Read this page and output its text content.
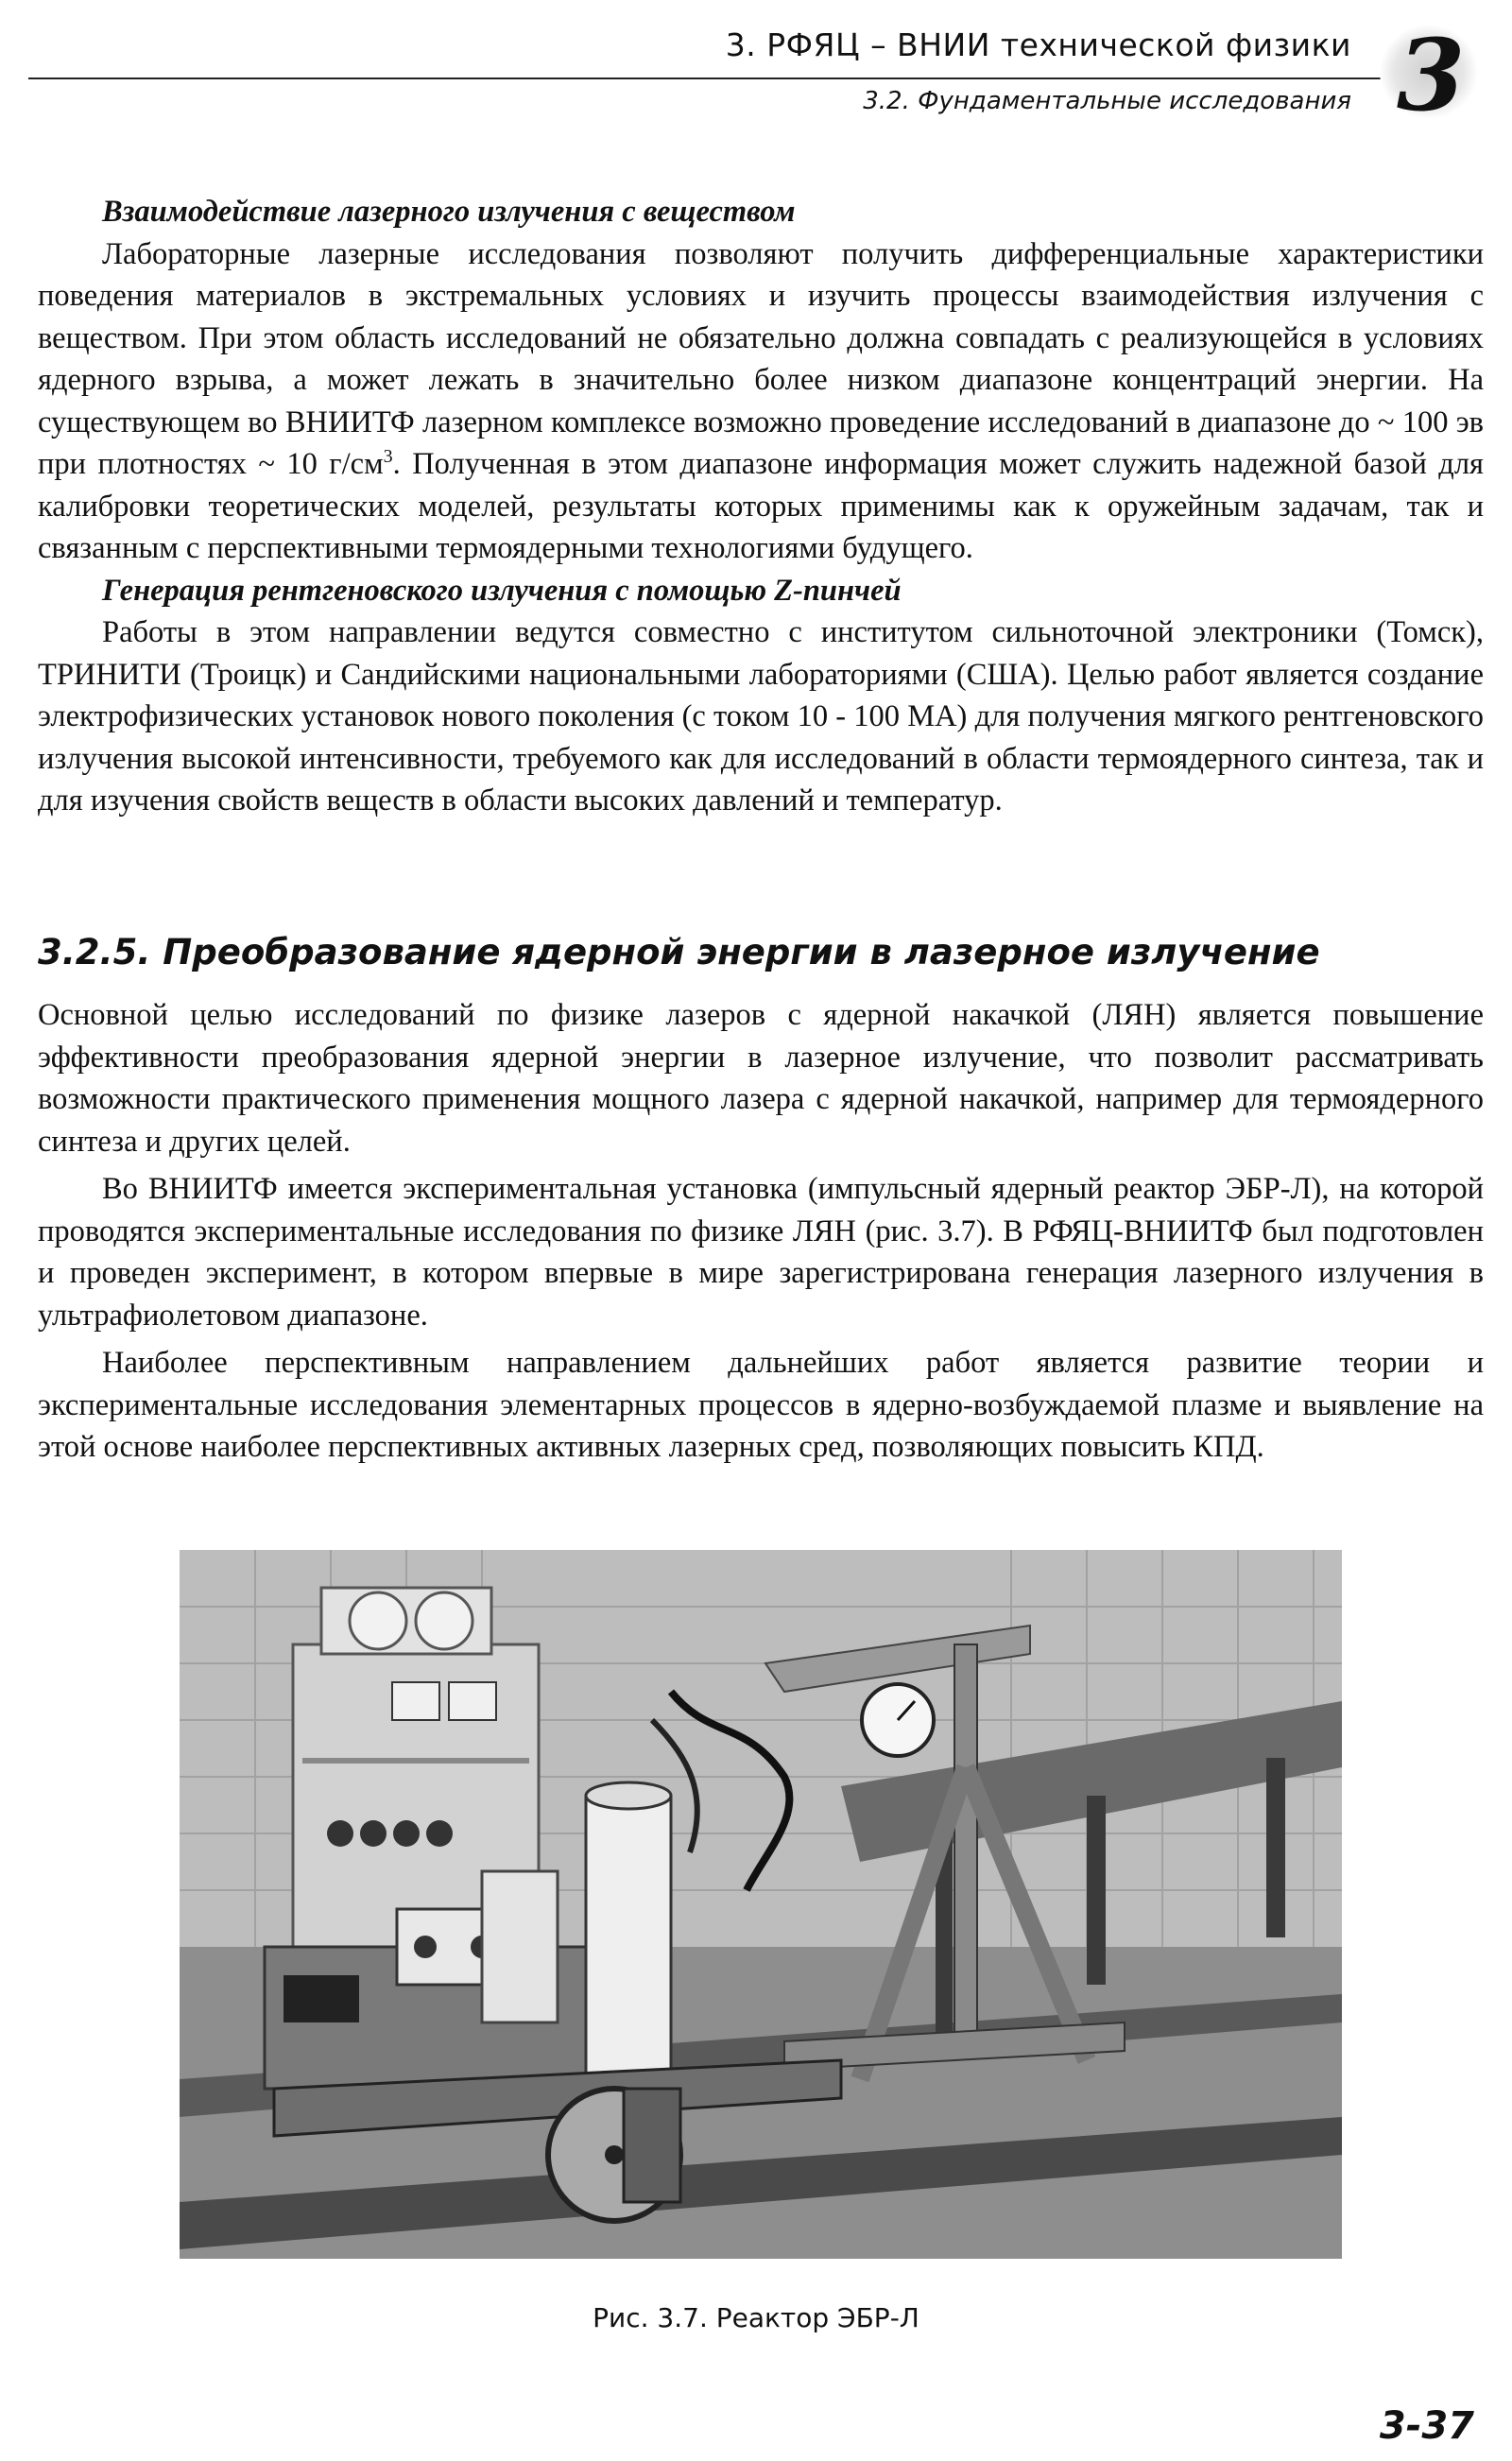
3. РФЯЦ – ВНИИ технической физики
3.2. Фундаментальные исследования 3

Взаимодействие лазерного излучения с веществом

Лабораторные лазерные исследования позволяют получить дифференциальные характеристики поведения материалов в экстремальных условиях и изучить процессы взаимодействия излучения с веществом. При этом область исследований не обязательно должна совпадать с реализующейся в условиях ядерного взрыва, а может лежать в значительно более низком диапазоне концентраций энергии. На существующем во ВНИИТФ лазерном комплексе возможно проведение исследований в диапазоне до ~ 100 эв при плотностях ~ 10 $г/см^3$. Полученная в этом диапазоне информация может служить надежной базой для калибровки теоретических моделей, результаты которых применимы как к оружейным задачам, так и связанным с перспективными термоядерными технологиями будущего.

Генерация рентгеновского излучения с помощью Z-пинчей

Работы в этом направлении ведутся совместно с институтом сильноточной электроники (Томск), ТРИНИТИ (Троицк) и Сандийскими национальными лабораториями (США). Целью работ является создание электрофизических установок нового поколения (с током 10 - 100 МА) для получения мягкого рентгеновского излучения высокой интенсивности, требуемого как для исследований в области термоядерного синтеза, так и для изучения свойств веществ в области высоких давлений и температур.

3.2.5. Преобразование ядерной энергии в лазерное излучение

Основной целью исследований по физике лазеров с ядерной накачкой (ЛЯН) является повышение эффективности преобразования ядерной энергии в лазерное излучение, что позволит рассматривать возможности практического применения мощного лазера с ядерной накачкой, например для термоядерного синтеза и других целей.

Во ВНИИТФ имеется экспериментальная установка (импульсный ядерный реактор ЭБР-Л), на которой проводятся экспериментальные исследования по физике ЛЯН (рис. 3.7). В РФЯЦ-ВНИИТФ был подготовлен и проведен эксперимент, в котором впервые в мире зарегистрирована генерация лазерного излучения в ультрафиолетовом диапазоне.

Наиболее перспективным направлением дальнейших работ является развитие теории и экспериментальные исследования элементарных процессов в ядерно-возбуждаемой плазме и выявление на этой основе наиболее перспективных активных лазерных сред, позволяющих повысить КПД.

Рис. 3.7. Реактор ЭБР-Л
3-37
